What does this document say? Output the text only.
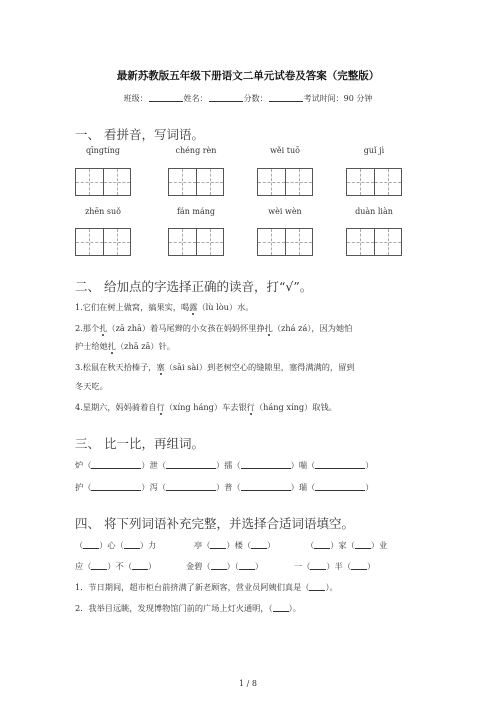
最新苏教版五年级下册语文二单元试卷及答案（完整版）
班级：	姓名：	分数：	考试时间：90 分钟
一、 看拼音，写词语。
qīngtíng	chéng rèn	wěi tuō	guǐ jì
zhēn suǒ	fán máng	wèi wèn	duàn liàn
二、 给加点的字选择正确的读音，打“√”。
1.它们在树上做窝，搞果实，喝露（lù lòu）水。
2.那个扎（zā zhā）着马尾辫的小女孩在妈妈怀里挣扎（zhá zá），因为她怕
护士给她扎（zhā zā）针。
3.松鼠在秋天拾榛子，塞（sāi sài）到老树空心的缝隙里，塞得满满的，留到
冬天吃。
4.星期六，妈妈骑着自行（xíng háng）车去银行（háng xíng）取钱。
三、 比一比，再组词。
炉（	）泄（	）擂（	）喘（	）
护（	）泻（	）普（	）瑞（	）
四、 将下列词语补充完整，并选择合适词语填空。
（ ）心（ ）力	亭（ ）楼（ ）	（ ）家（ ）业
应（ ）不（ ）	金碧（ ）（ ）	一（ ）半（ ）
1．节日期间，超市柜台前挤满了新老顾客，营业员阿姨们真是（ ）。
2．我举目远眺，发现博物馆门前的广场上灯火通明，（ ）。
1 / 8
